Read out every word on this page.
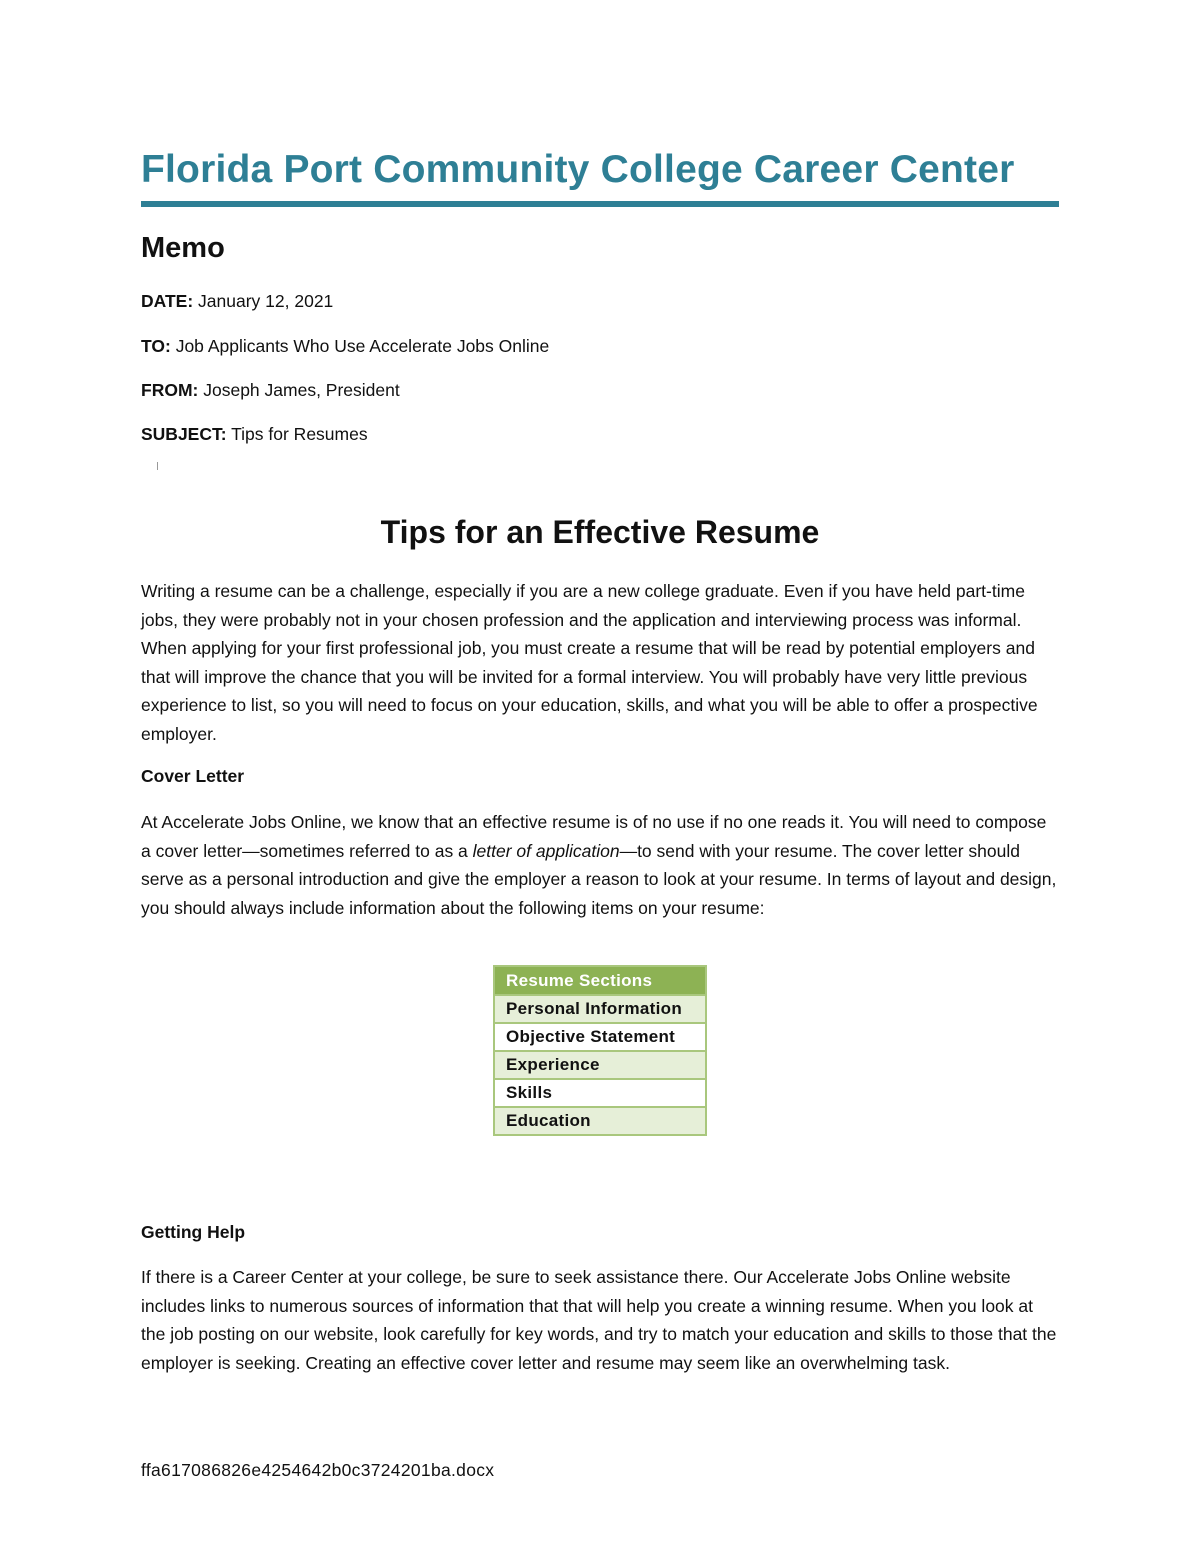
Florida Port Community College Career Center
Memo
DATE: January 12, 2021
TO: Job Applicants Who Use Accelerate Jobs Online
FROM: Joseph James, President
SUBJECT: Tips for Resumes
Tips for an Effective Resume

Writing a resume can be a challenge, especially if you are a new college graduate. Even if you have held part-time jobs, they were probably not in your chosen profession and the application and interviewing process was informal. When applying for your first professional job, you must create a resume that will be read by potential employers and that will improve the chance that you will be invited for a formal interview. You will probably have very little previous experience to list, so you will need to focus on your education, skills, and what you will be able to offer a prospective employer.

Cover Letter

At Accelerate Jobs Online, we know that an effective resume is of no use if no one reads it. You will need to compose a cover letter—sometimes referred to as a letter of application—to send with your resume. The cover letter should serve as a personal introduction and give the employer a reason to look at your resume. In terms of layout and design, you should always include information about the following items on your resume:

Resume Sections
Personal Information
Objective Statement
Experience
Skills
Education
Getting Help

If there is a Career Center at your college, be sure to seek assistance there. Our Accelerate Jobs Online website includes links to numerous sources of information that that will help you create a winning resume. When you look at the job posting on our website, look carefully for key words, and try to match your education and skills to those that the employer is seeking. Creating an effective cover letter and resume may seem like an overwhelming task.

ffa617086826e4254642b0c3724201ba.docx
